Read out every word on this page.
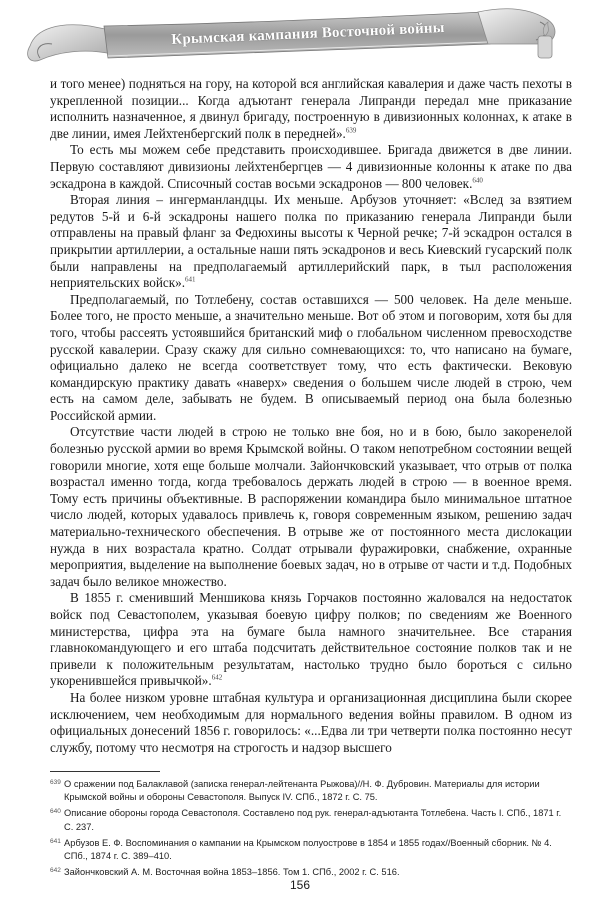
Крымская кампания Восточной войны

и того менее) подняться на гору, на которой вся английская кавалерия и даже часть пехоты в укрепленной позиции... Когда адъютант генерала Липранди передал мне приказание исполнить назначенное, я двинул бригаду, построенную в дивизионных колоннах, к атаке в две линии, имея Лейхтенбергский полк в передней».$^{639}$

То есть мы можем себе представить происходившее. Бригада движется в две линии. Первую составляют дивизионы лейхтенбергцев — 4 дивизионные колонны к атаке по два эскадрона в каждой. Списочный состав восьми эскадронов — 800 человек.$^{640}$

Вторая линия – ингерманландцы. Их меньше. Арбузов уточняет: «Вслед за взятием редутов 5-й и 6-й эскадроны нашего полка по приказанию генерала Липранди были отправлены на правый фланг за Федюхины высоты к Черной речке; 7-й эскадрон остался в прикрытии артиллерии, а остальные наши пять эскадронов и весь Киевский гусарский полк были направлены на предполагаемый артиллерийский парк, в тыл расположения неприятельских войск».$^{641}$

Предполагаемый, по Тотлебену, состав оставшихся — 500 человек. На деле меньше. Более того, не просто меньше, а значительно меньше. Вот об этом и поговорим, хотя бы для того, чтобы рассеять устоявшийся британский миф о глобальном численном превосходстве русской кавалерии. Сразу скажу для сильно сомневающихся: то, что написано на бумаге, официально далеко не всегда соответствует тому, что есть фактически. Вековую командирскую практику давать «наверх» сведения о большем числе людей в строю, чем есть на самом деле, забывать не будем. В описываемый период она была болезнью Российской армии.

Отсутствие части людей в строю не только вне боя, но и в бою, было закоренелой болезнью русской армии во время Крымской войны. О таком непотребном состоянии вещей говорили многие, хотя еще больше молчали. Зайончковский указывает, что отрыв от полка возрастал именно тогда, когда требовалось держать людей в строю — в военное время. Тому есть причины объективные. В распоряжении командира было минимальное штатное число людей, которых удавалось привлечь к, говоря современным языком, решению задач материально-технического обеспечения. В отрыве же от постоянного места дислокации нужда в них возрастала кратно. Солдат отрывали фуражировки, снабжение, охранные мероприятия, выделение на выполнение боевых задач, но в отрыве от части и т.д. Подобных задач было великое множество.

В 1855 г. сменивший Меншикова князь Горчаков постоянно жаловался на недостаток войск под Севастополем, указывая боевую цифру полков; по сведениям же Военного министерства, цифра эта на бумаге была намного значительнее. Все старания главнокомандующего и его штаба подсчитать действительное состояние полков так и не привели к положительным результатам, настолько трудно было бороться с сильно укоренившейся привычкой».$^{642}$

На более низком уровне штабная культура и организационная дисциплина были скорее исключением, чем необходимым для нормального ведения войны правилом. В одном из официальных донесений 1856 г. говорилось: «...Едва ли три четверти полка постоянно несут службу, потому что несмотря на строгость и надзор высшего

639 О сражении под Балаклавой (записка генерал-лейтенанта Рыжова)//Н. Ф. Дубровин. Материалы для истории Крымской войны и обороны Севастополя. Выпуск IV. СПб., 1872 г. С. 75.
640 Описание обороны города Севастополя. Составлено под рук. генерал-адъютанта Тотлебена. Часть I. СПб., 1871 г. С. 237.
641 Арбузов Е. Ф. Воспоминания о кампании на Крымском полуострове в 1854 и 1855 годах//Военный сборник. № 4. СПб., 1874 г. С. 389–410.
642 Зайончковский А. М. Восточная война 1853–1856. Том 1. СПб., 2002 г. С. 516.
156
